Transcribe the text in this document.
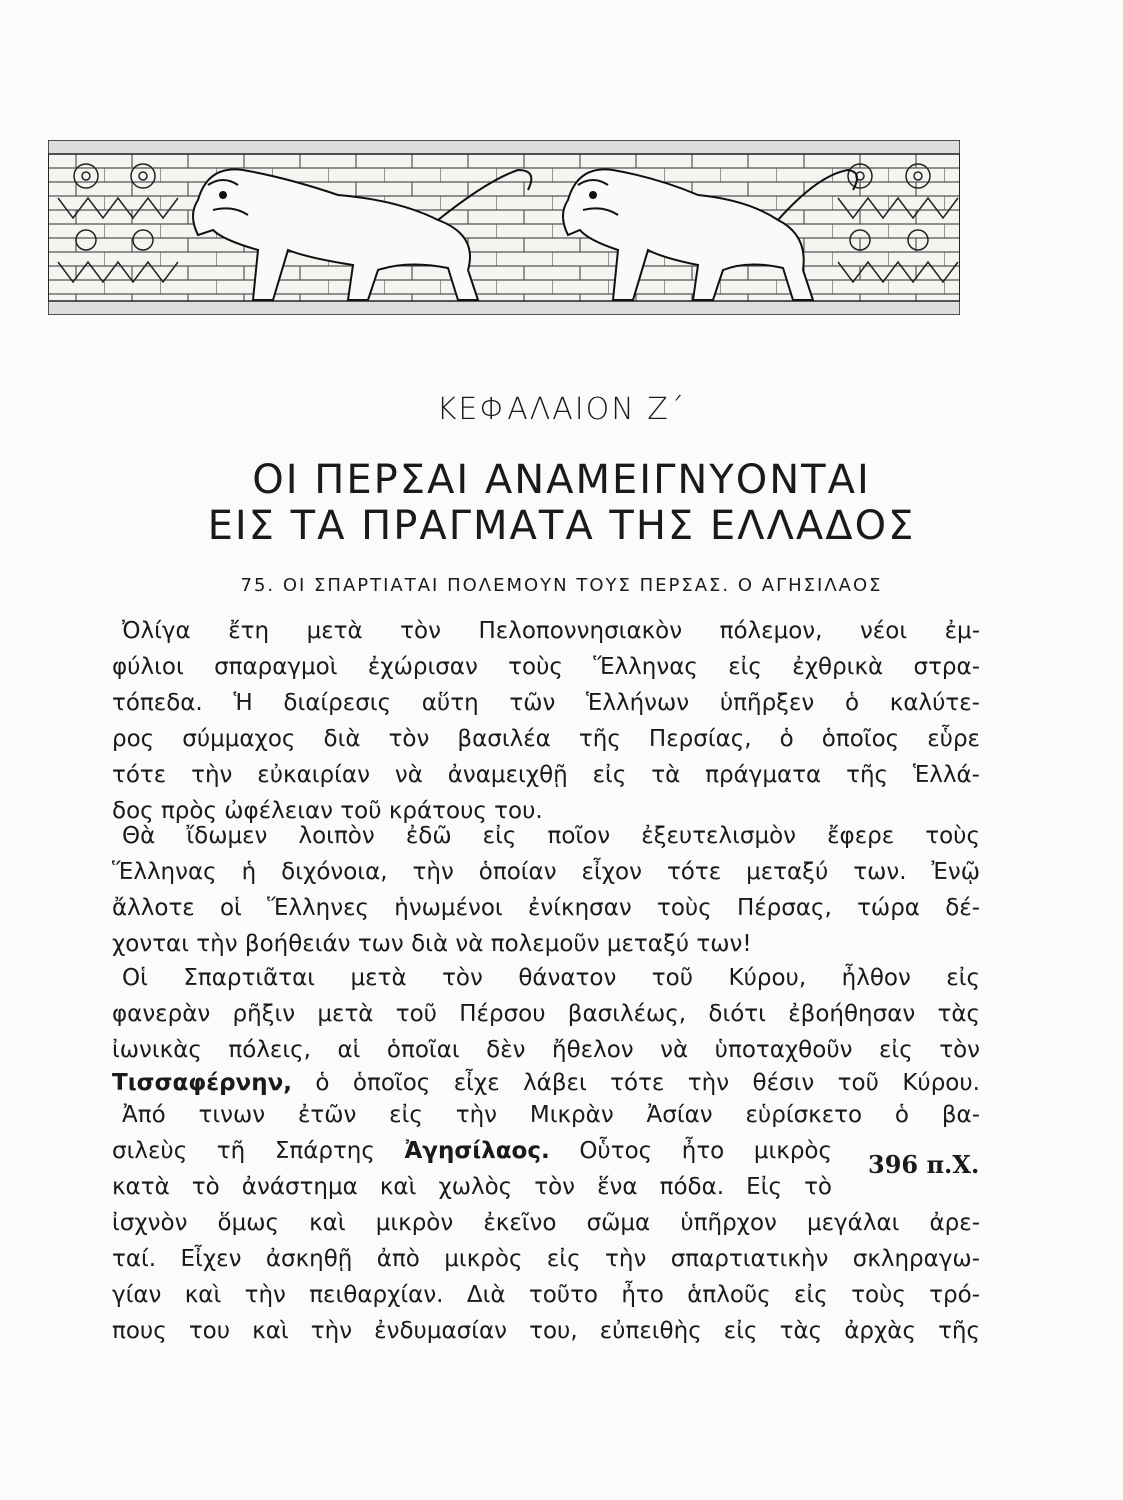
ΚΕΦΑΛΑΙΟΝ Ζ΄
ΟΙ ΠΕΡΣΑΙ ΑΝΑΜΕΙΓΝΥΟΝΤΑΙ
ΕΙΣ ΤΑ ΠΡΑΓΜΑΤΑ ΤΗΣ ΕΛΛΑΔΟΣ
75. ΟΙ ΣΠΑΡΤΙΑΤΑΙ ΠΟΛΕΜΟΥΝ ΤΟΥΣ ΠΕΡΣΑΣ. Ο ΑΓΗΣΙΛΑΟΣ
Ὀλίγα ἔτη μετὰ τὸν Πελοποννησιακὸν πόλεμον, νέοι ἐμ-
φύλιοι σπαραγμοὶ ἐχώρισαν τοὺς Ἕλληνας εἰς ἐχθρικὰ στρα-
τόπεδα. Ἡ διαίρεσις αὕτη τῶν Ἑλλήνων ὑπῆρξεν ὁ καλύτε-
ρος σύμμαχος διὰ τὸν βασιλέα τῆς Περσίας, ὁ ὁποῖος εὗρε
τότε τὴν εὐκαιρίαν νὰ ἀναμειχθῇ εἰς τὰ πράγματα τῆς Ἑλλά-
δος πρὸς ὠφέλειαν τοῦ κράτους του.
Θὰ ἴδωμεν λοιπὸν ἐδῶ εἰς ποῖον ἐξευτελισμὸν ἔφερε τοὺς
Ἕλληνας ἡ διχόνοια, τὴν ὁποίαν εἶχον τότε μεταξύ των. Ἐνῷ
ἄλλοτε οἱ Ἕλληνες ἡνωμένοι ἐνίκησαν τοὺς Πέρσας, τώρα δέ-
χονται τὴν βοήθειάν των διὰ νὰ πολεμοῦν μεταξύ των!
Οἱ Σπαρτιᾶται μετὰ τὸν θάνατον τοῦ Κύρου, ἦλθον εἰς
φανερὰν ρῆξιν μετὰ τοῦ Πέρσου βασιλέως, διότι ἐβοήθησαν τὰς
ἰωνικὰς πόλεις, αἱ ὁποῖαι δὲν ἤθελον νὰ ὑποταχθοῦν εἰς τὸν
Τισσαφέρνην, ὁ ὁποῖος εἶχε λάβει τότε τὴν θέσιν τοῦ Κύρου.
Ἀπό τινων ἐτῶν εἰς τὴν Μικρὰν Ἀσίαν εὑρίσκετο ὁ βα-
σιλεὺς τῆ Σπάρτης Ἀγησίλαος. Οὗτος ἦτο μικρὸς
κατὰ τὸ ἀνάστημα καὶ χωλὸς τὸν ἕνα πόδα. Εἰς τὸ
ἰσχνὸν ὅμως καὶ μικρὸν ἐκεῖνο σῶμα ὑπῆρχον μεγάλαι ἀρε-
ταί. Εἶχεν ἀσκηθῇ ἀπὸ μικρὸς εἰς τὴν σπαρτιατικὴν σκληραγω-
γίαν καὶ τὴν πειθαρχίαν. Διὰ τοῦτο ἦτο ἁπλοῦς εἰς τοὺς τρό-
πους του καὶ τὴν ἐνδυμασίαν του, εὐπειθὴς εἰς τὰς ἀρχὰς τῆς
396 π.Χ.
